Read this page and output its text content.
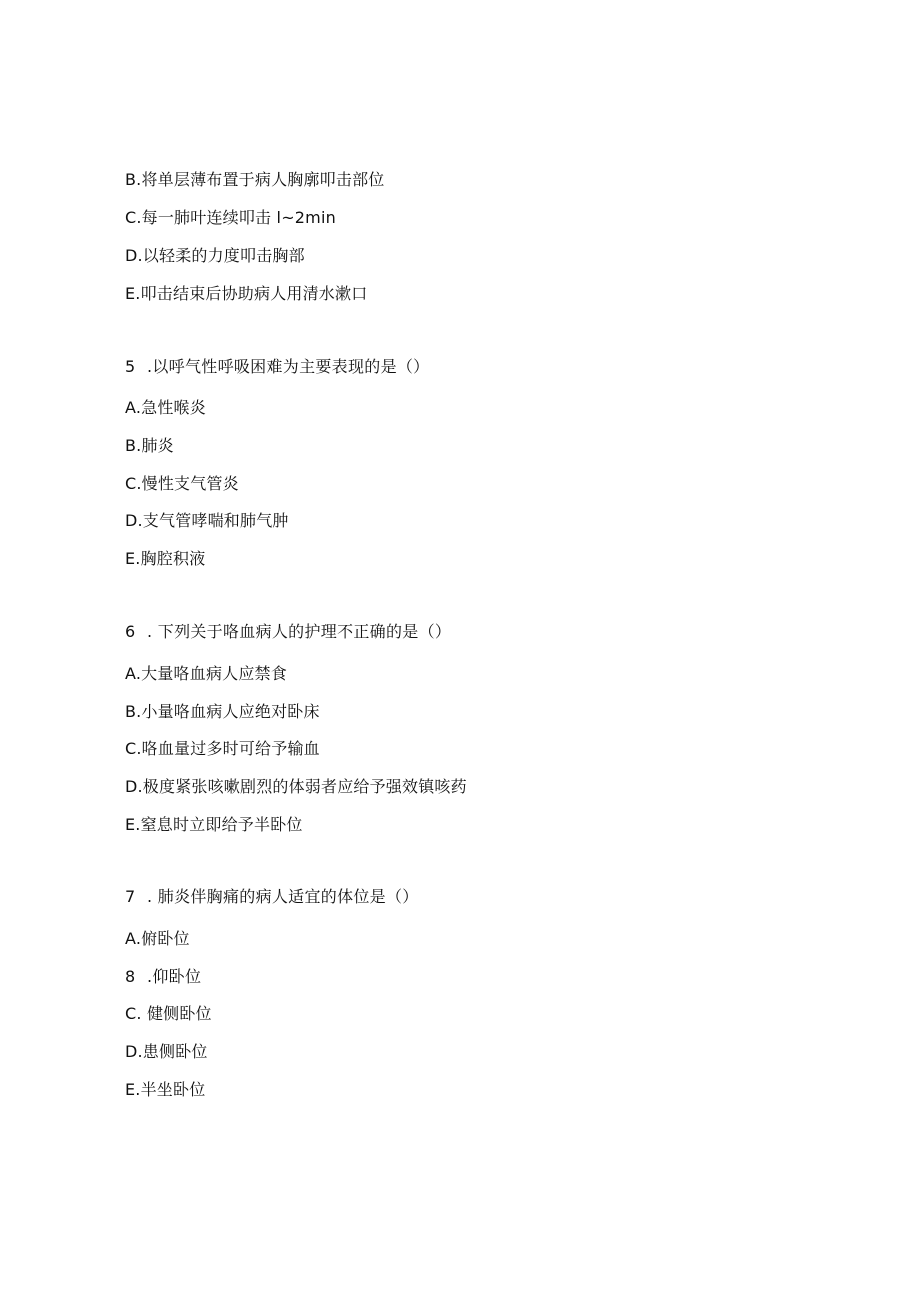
B.将单层薄布置于病人胸廓叩击部位
C.每一肺叶连续叩击 l~2min
D.以轻柔的力度叩击胸部
E.叩击结束后协助病人用清水漱口
5 .以呼气性呼吸困难为主要表现的是（）
A.急性喉炎
B.肺炎
C.慢性支气管炎
D.支气管哮喘和肺气肿
E.胸腔积液
6 . 下列关于咯血病人的护理不正确的是（）
A.大量咯血病人应禁食
B.小量咯血病人应绝对卧床
C.咯血量过多时可给予输血
D.极度紧张咳嗽剧烈的体弱者应给予强效镇咳药
E.窒息时立即给予半卧位
7 . 肺炎伴胸痛的病人适宜的体位是（）
A.俯卧位
8 .仰卧位
C. 健侧卧位
D.患侧卧位
E.半坐卧位
